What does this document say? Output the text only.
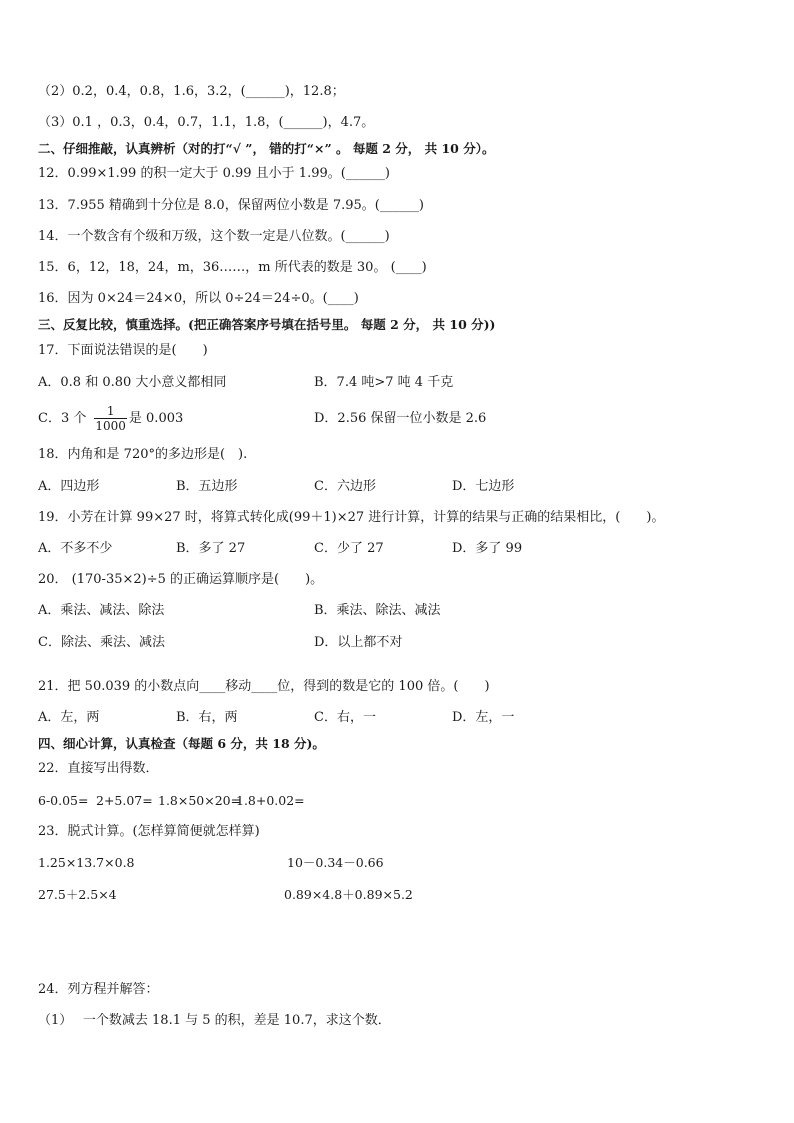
（2）0.2，0.4，0.8，1.6，3.2，(______)，12.8；
（3）0.1 ，0.3，0.4，0.7，1.1，1.8，(______)，4.7。
二、仔细推敲，认真辨析（对的打“√ ”， 错的打“×” 。 每题 2 分， 共 10 分）。
12．0.99×1.99 的积一定大于 0.99 且小于 1.99。(______)
13．7.955 精确到十分位是 8.0，保留两位小数是 7.95。(______)
14．一个数含有个级和万级，这个数一定是八位数。(______)
15．6，12，18，24，m，36……，m 所代表的数是 30。 (____)
16．因为 0×24＝24×0，所以 0÷24＝24÷0。(____)
三、反复比较，慎重选择。(把正确答案序号填在括号里。 每题 2 分， 共 10 分))
17．下面说法错误的是(　　)
A．0.8 和 0.80 大小意义都相同	B．7.4 吨>7 吨 4 千克
C．3 个 $\frac{1}{1000}$ 是 0.003	D．2.56 保留一位小数是 2.6
18．内角和是 720°的多边形是(　).
A．四边形	B．五边形	C．六边形	D．七边形
19．小芳在计算 99×27 时，将算式转化成(99＋1)×27 进行计算，计算的结果与正确的结果相比，(　　)。
A．不多不少	B．多了 27	C．少了 27	D．多了 99
20． (170-35×2)÷5 的正确运算顺序是(　　)。
A．乘法、减法、除法	B．乘法、除法、减法
C．除法、乘法、减法	D．以上都不对
21．把 50.039 的小数点向____移动____位，得到的数是它的 100 倍。(　　)
A．左，两	B．右，两	C．右，一	D．左，一
四、细心计算，认真检查（每题 6 分，共 18 分)。
22．直接写出得数．
6-0.05= 2+5.07= 1.8×50×20=
1.8+0.02=
23．脱式计算。(怎样算简便就怎样算)
1.25×13.7×0.8	10－0.34－0.66
27.5＋2.5×4	0.89×4.8＋0.89×5.2
24．列方程并解答：
（1）　 一个数减去 18.1 与 5 的积，差是 10.7，求这个数．
